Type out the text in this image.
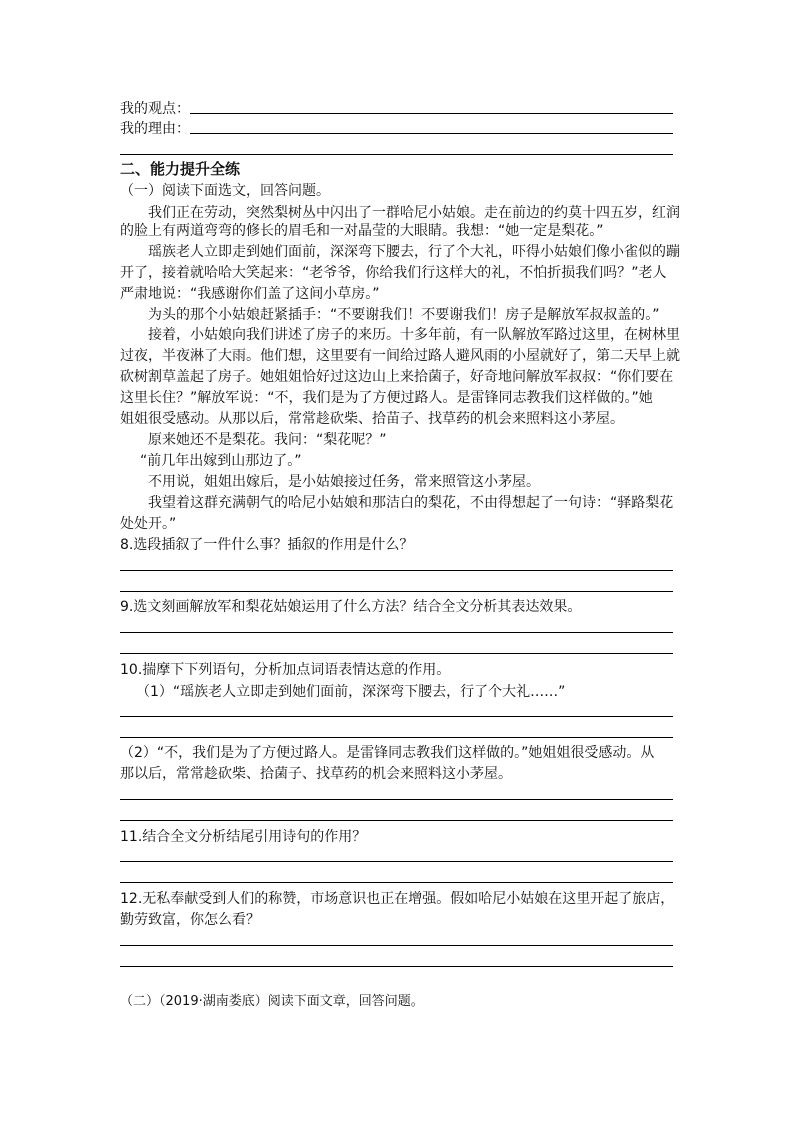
我的观点：
我的理由：
二、能力提升全练
（一）阅读下面选文，回答问题。
我们正在劳动，突然梨树丛中闪出了一群哈尼小姑娘。走在前边的约莫十四五岁，红润
的脸上有两道弯弯的修长的眉毛和一对晶莹的大眼睛。我想：“她一定是梨花。”
瑶族老人立即走到她们面前，深深弯下腰去，行了个大礼，吓得小姑娘们像小雀似的蹦
开了，接着就哈哈大笑起来：“老爷爷，你给我们行这样大的礼，不怕折损我们吗？”老人
严肃地说：“我感谢你们盖了这间小草房。”
为头的那个小姑娘赶紧插手：“不要谢我们！不要谢我们！房子是解放军叔叔盖的。”
接着，小姑娘向我们讲述了房子的来历。十多年前，有一队解放军路过这里，在树林里
过夜，半夜淋了大雨。他们想，这里要有一间给过路人避风雨的小屋就好了，第二天早上就
砍树割草盖起了房子。她姐姐恰好过这边山上来拾菌子，好奇地问解放军叔叔：“你们要在
这里长住？”解放军说：“不，我们是为了方便过路人。是雷锋同志教我们这样做的。”她
姐姐很受感动。从那以后，常常趁砍柴、拾苗子、找草药的机会来照料这小茅屋。
原来她还不是梨花。我问：“梨花呢？”
“前几年出嫁到山那边了。”
不用说，姐姐出嫁后，是小姑娘接过任务，常来照管这小茅屋。
我望着这群充满朝气的哈尼小姑娘和那洁白的梨花，不由得想起了一句诗：“驿路梨花
处处开。”
8.选段插叙了一件什么事？插叙的作用是什么？
9.选文刻画解放军和梨花姑娘运用了什么方法？结合全文分析其表达效果。
10.揣摩下下列语句，分析加点词语表情达意的作用。
（1）“瑶族老人立即走到她们面前，深深弯下腰去，行了个大礼……”
（2）“不，我们是为了方便过路人。是雷锋同志教我们这样做的。”她姐姐很受感动。从
那以后，常常趁砍柴、拾菌子、找草药的机会来照料这小茅屋。
11.结合全文分析结尾引用诗句的作用？
12.无私奉献受到人们的称赞，市场意识也正在增强。假如哈尼小姑娘在这里开起了旅店，
勤劳致富，你怎么看？
（二）（2019·湖南娄底）阅读下面文章，回答问题。
